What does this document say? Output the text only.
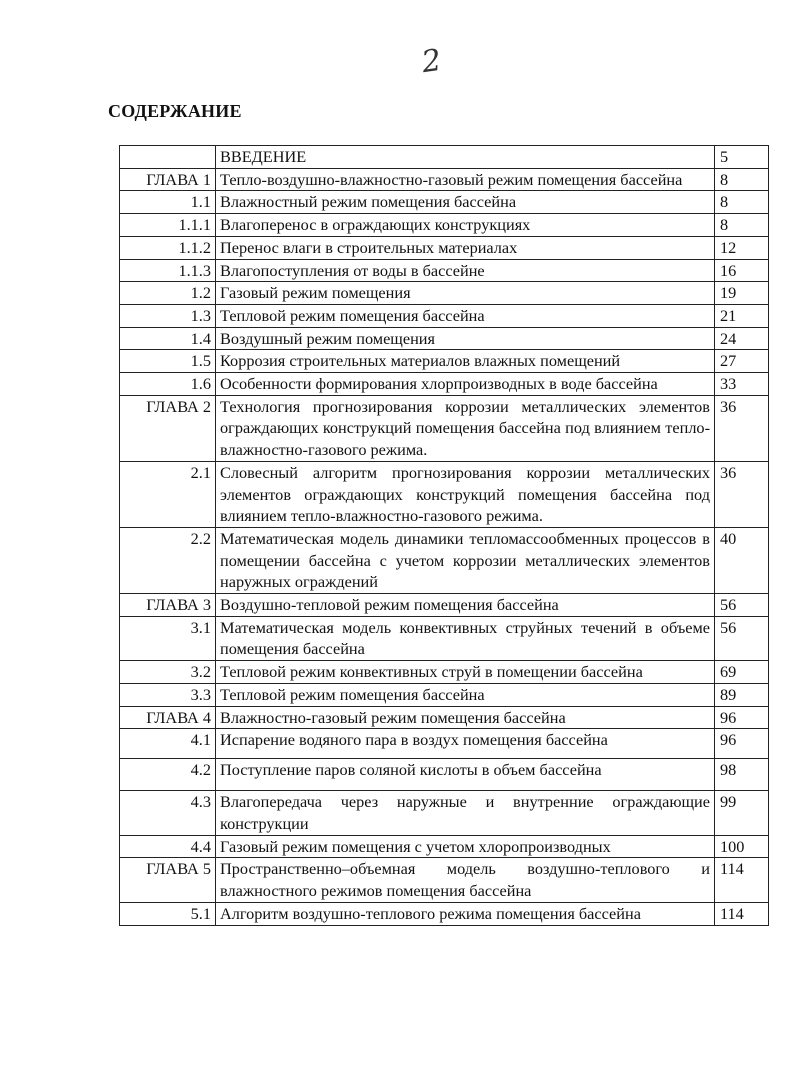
2
СОДЕРЖАНИЕ
	ВВЕДЕНИЕ	5
ГЛАВА 1	Тепло-воздушно-влажностно-газовый режим помещения бассейна	8
1.1	Влажностный режим помещения бассейна	8
1.1.1	Влагоперенос в ограждающих конструкциях	8
1.1.2	Перенос влаги в строительных материалах	12
1.1.3	Влагопоступления от воды в бассейне	16
1.2	Газовый режим помещения	19
1.3	Тепловой режим помещения бассейна	21
1.4	Воздушный режим помещения	24
1.5	Коррозия строительных материалов влажных помещений	27
1.6	Особенности формирования хлорпроизводных в воде бассейна	33
ГЛАВА 2	Технология прогнозирования коррозии металлических элементов ограждающих конструкций помещения бассейна под влиянием тепло-влажностно-газового режима.	36
2.1	Словесный алгоритм прогнозирования коррозии металлических элементов ограждающих конструкций помещения бассейна под влиянием тепло-влажностно-газового режима.	36
2.2	Математическая модель динамики тепломассообменных процессов в помещении бассейна с учетом коррозии металлических элементов наружных ограждений	40
ГЛАВА 3	Воздушно-тепловой режим помещения бассейна	56
3.1	Математическая модель конвективных струйных течений в объеме помещения бассейна	56
3.2	Тепловой режим конвективных струй в помещении бассейна	69
3.3	Тепловой режим помещения бассейна	89
ГЛАВА 4	Влажностно-газовый режим помещения бассейна	96
4.1	Испарение водяного пара в воздух помещения бассейна	96
4.2	Поступление паров соляной кислоты в объем бассейна	98
4.3	Влагопередача через наружные и внутренние ограждающие конструкции	99
4.4	Газовый режим помещения с учетом хлоропроизводных	100
ГЛАВА 5	Пространственно–объемная модель воздушно-теплового и влажностного режимов помещения бассейна	114
5.1	Алгоритм воздушно-теплового режима помещения бассейна	114
